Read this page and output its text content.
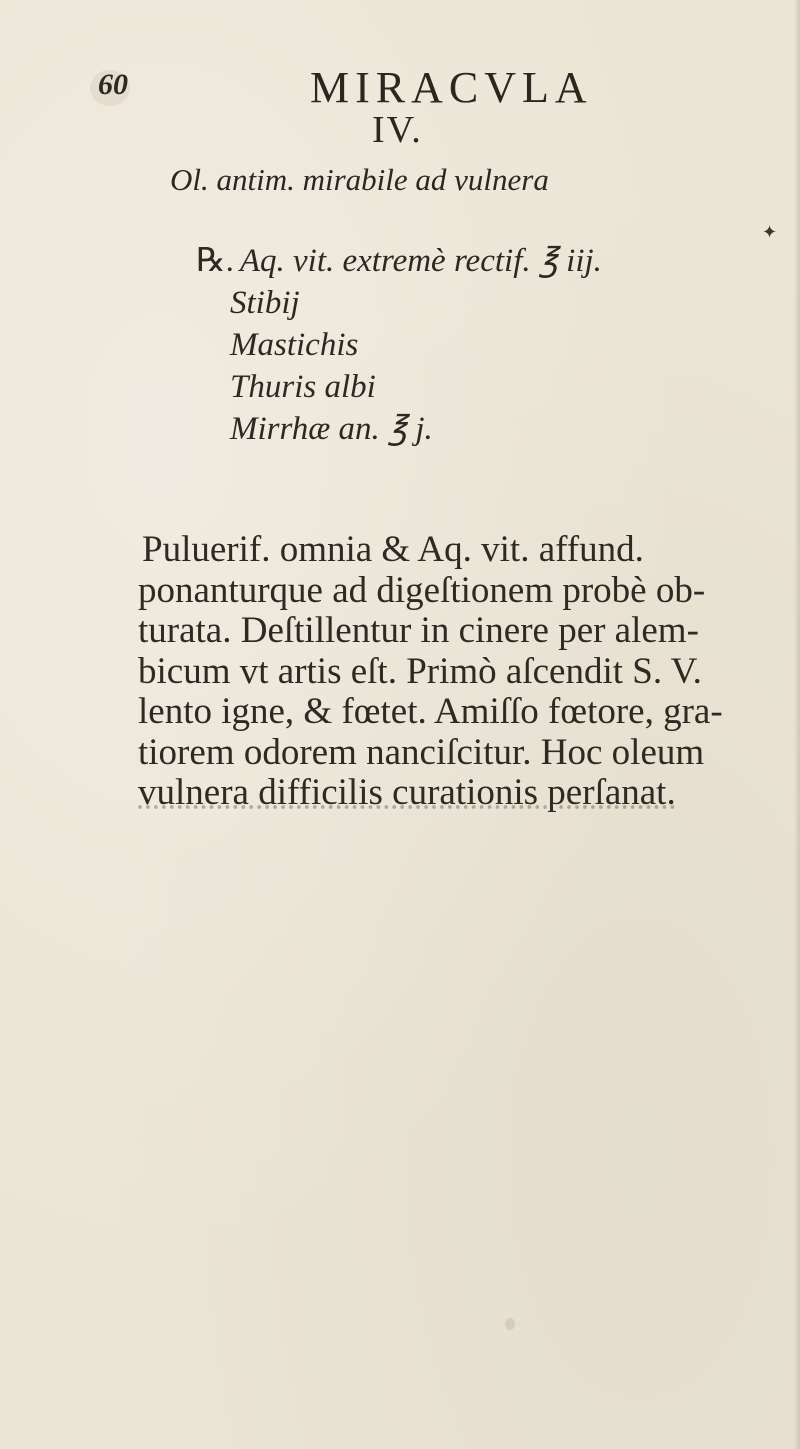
✦
60	MIRACVLA
IV.
Ol. antim. mirabile ad vulnera
℞. Aq. vit. extremè rectif. ℥ iij.
Stibij
Mastichis
Thuris albi
Mirrhæ an. ℥ j.
Puluerif. omnia & Aq. vit. affund.
ponanturque ad digeſtionem probè ob-
turata. Deſtillentur in cinere per alem-
bicum vt artis eſt. Primò aſcendit S. V.
lento igne, & fœtet. Amiſſo fœtore, gra-
tiorem odorem nanciſcitur. Hoc oleum
vulnera difficilis curationis perſanat.
